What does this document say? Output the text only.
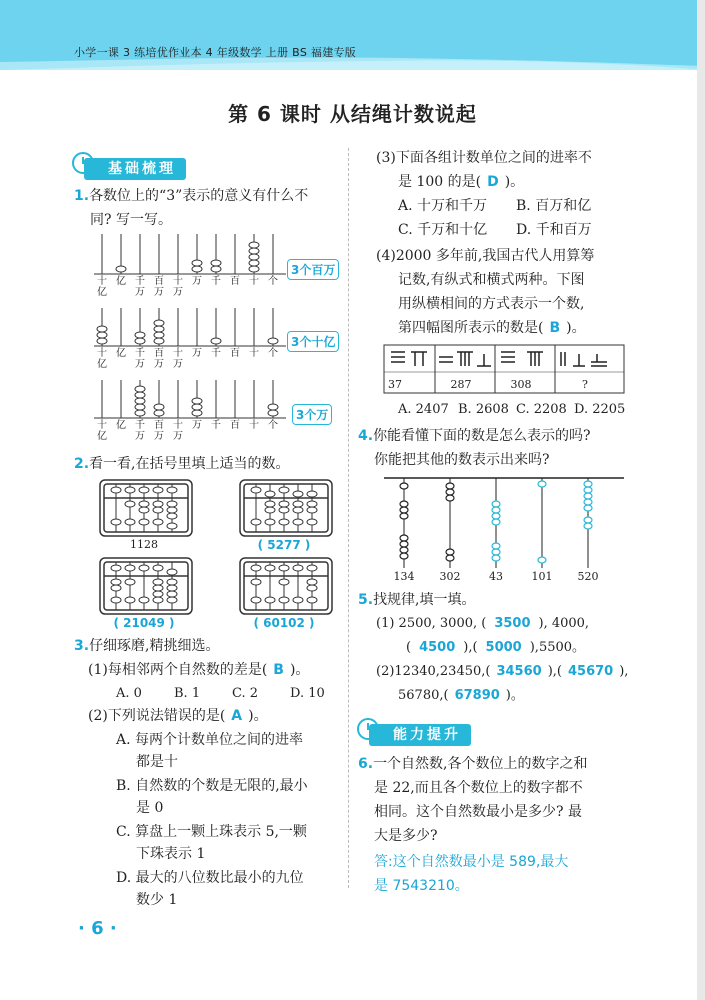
小学一课 3 练培优作业本 4 年级数学 上册 BS 福建专版
第 6 课时 从结绳计数说起
基础梳理
1.各数位上的“3”表示的意义有什么不
同? 写一写。
十亿
亿 千万
百万
十万
万 千 百 十 个
十亿
亿 千万
百万
十万
万 千 百 十 个
十亿
亿 千万
百万
十万
万 千 百 十 个
3个百万
3个十亿
3个万
2.看一看,在括号里填上适当的数。
1128	( 5277 )
( 21049 )	( 60102 )
3.仔细琢磨,精挑细选。
(1)每相邻两个自然数的差是( B )。
A. 0 B. 1 C. 2 D. 10
(2)下列说法错误的是( A )。
A. 每两个计数单位之间的进率
都是十
B. 自然数的个数是无限的,最小
是 0
C. 算盘上一颗上珠表示 5,一颗
下珠表示 1
D. 最大的八位数比最小的九位
数少 1
(3)下面各组计数单位之间的进率不
是 100 的是( D )。
A. 十万和千万 B. 百万和亿
C. 千万和十亿 D. 千和百万
(4)2000 多年前,我国古代人用算筹
记数,有纵式和横式两种。下图
用纵横相间的方式表示一个数,
第四幅图所表示的数是( B )。
37	287	308	?
A. 2407 B. 2608 C. 2208 D. 2205
4.你能看懂下面的数是怎么表示的吗?
你能把其他的数表示出来吗?
134	302	43	101	520
5.找规律,填一填。
(1) 2500, 3000, ( 3500 ), 4000,
( 4500 ),( 5000 ),5500。
(2)12340,23450,( 34560 ),( 45670 ),
56780,( 67890 )。
能力提升
6.一个自然数,各个数位上的数字之和
是 22,而且各个数位上的数字都不
相同。这个自然数最小是多少? 最
大是多少?
答:这个自然数最小是 589,最大
是 7543210。
· 6 ·
